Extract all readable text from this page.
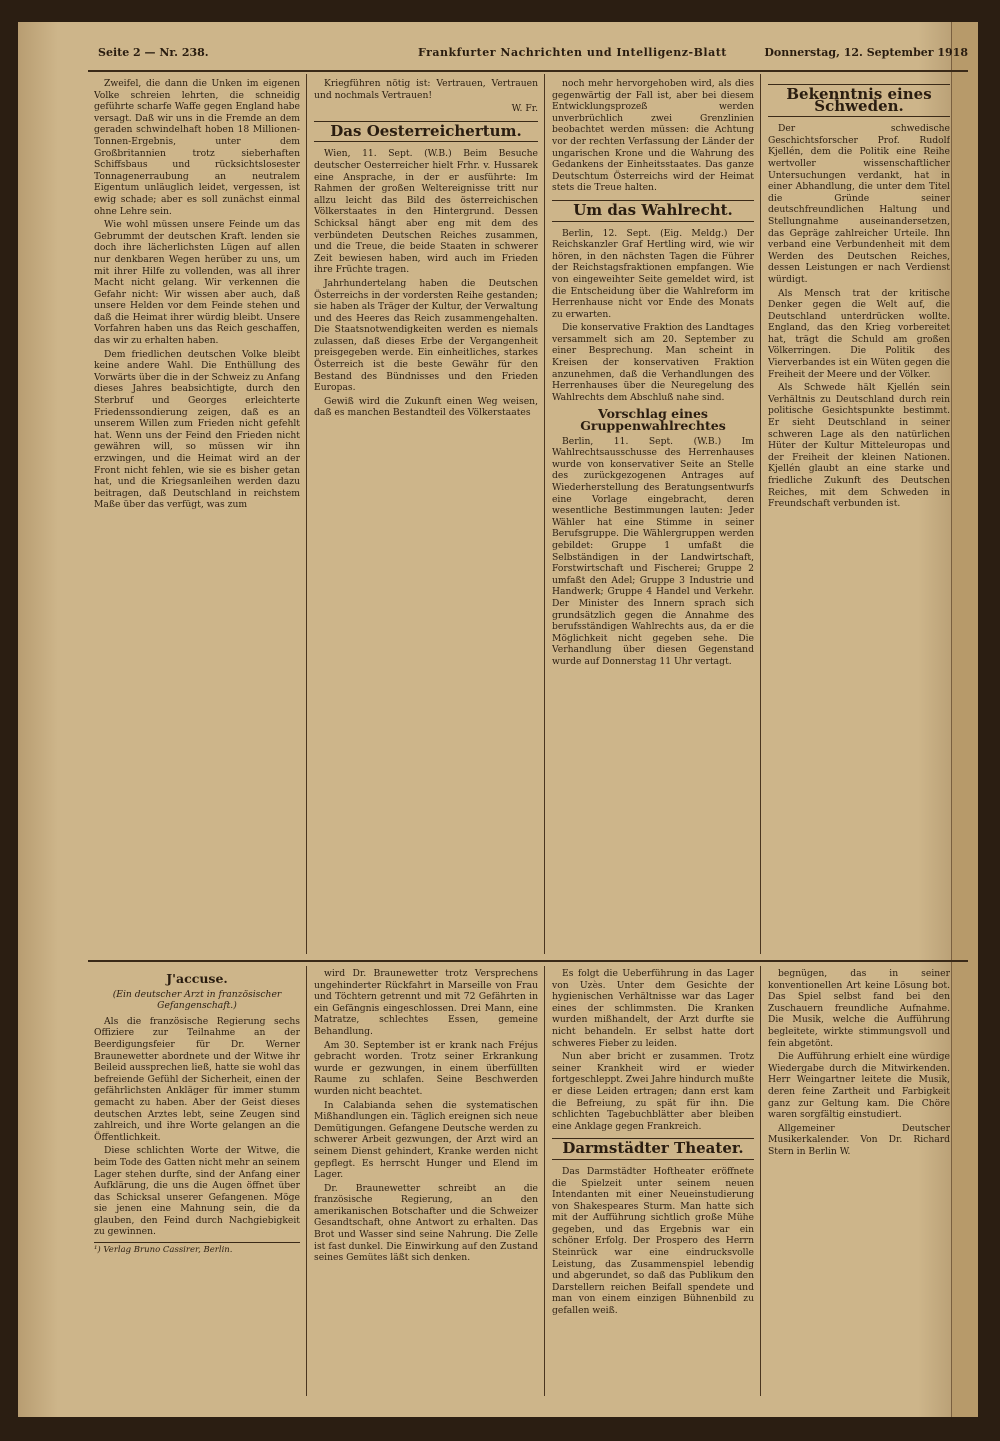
Seite 2 — Nr. 238.	Frankfurter Nachrichten und Intelligenz-Blatt	Donnerstag, 12. September 1918

Zweifel, die dann die Unken im eigenen Volke schreien lehrten, die schneidig geführte scharfe Waffe gegen England habe versagt. Daß wir uns in die Fremde an dem geraden schwindelhaft hoben 18 Millionen-Tonnen-Ergebnis, unter dem Großbritannien trotz sieberhaften Schiffsbaus und rücksichtslosester Tonnagenerraubung an neutralem Eigentum unläuglich leidet, vergessen, ist ewig schade; aber es soll zunächst einmal ohne Lehre sein.

Wie wohl müssen unsere Feinde um das Gebrummt der deutschen Kraft. lenden sie doch ihre lächerlichsten Lügen auf allen nur denkbaren Wegen herüber zu uns, um mit ihrer Hilfe zu vollenden, was all ihrer Macht nicht gelang. Wir verkennen die Gefahr nicht: Wir wissen aber auch, daß unsere Helden vor dem Feinde stehen und daß die Heimat ihrer würdig bleibt. Unsere Vorfahren haben uns das Reich geschaffen, das wir zu erhalten haben.

Dem friedlichen deutschen Volke bleibt keine andere Wahl. Die Enthüllung des Vorwärts über die in der Schweiz zu Anfang dieses Jahres beabsichtigte, durch den Sterbruf und Georges erleichterte Friedenssondierung zeigen, daß es an unserem Willen zum Frieden nicht gefehlt hat. Wenn uns der Feind den Frieden nicht gewähren will, so müssen wir ihn erzwingen, und die Heimat wird an der Front nicht fehlen, wie sie es bisher getan hat, und die Kriegsanleihen werden dazu beitragen, daß Deutschland in reichstem Maße über das verfügt, was zum

Kriegführen nötig ist: Vertrauen, Vertrauen und nochmals Vertrauen!

W. Fr.
Das Oesterreichertum.

Wien, 11. Sept. (W.B.) Beim Besuche deutscher Oesterreicher hielt Frhr. v. Hussarek eine Ansprache, in der er ausführte: Im Rahmen der großen Weltereignisse tritt nur allzu leicht das Bild des österreichischen Völkerstaates in den Hintergrund. Dessen Schicksal hängt aber eng mit dem des verbündeten Deutschen Reiches zusammen, und die Treue, die beide Staaten in schwerer Zeit bewiesen haben, wird auch im Frieden ihre Früchte tragen.

Jahrhundertelang haben die Deutschen Österreichs in der vordersten Reihe gestanden; sie haben als Träger der Kultur, der Verwaltung und des Heeres das Reich zusammengehalten. Die Staatsnotwendigkeiten werden es niemals zulassen, daß dieses Erbe der Vergangenheit preisgegeben werde. Ein einheitliches, starkes Österreich ist die beste Gewähr für den Bestand des Bündnisses und den Frieden Europas.

Gewiß wird die Zukunft einen Weg weisen, daß es manchen Bestandteil des Völkerstaates

noch mehr hervorgehoben wird, als dies gegenwärtig der Fall ist, aber bei diesem Entwicklungsprozeß werden unverbrüchlich zwei Grenzlinien beobachtet werden müssen: die Achtung vor der rechten Verfassung der Länder der ungarischen Krone und die Wahrung des Gedankens der Einheitsstaates. Das ganze Deutschtum Österreichs wird der Heimat stets die Treue halten.

Um das Wahlrecht.

Berlin, 12. Sept. (Eig. Meldg.) Der Reichskanzler Graf Hertling wird, wie wir hören, in den nächsten Tagen die Führer der Reichstagsfraktionen empfangen. Wie von eingeweihter Seite gemeldet wird, ist die Entscheidung über die Wahlreform im Herrenhause nicht vor Ende des Monats zu erwarten.

Die konservative Fraktion des Landtages versammelt sich am 20. September zu einer Besprechung. Man scheint in Kreisen der konservativen Fraktion anzunehmen, daß die Verhandlungen des Herrenhauses über die Neuregelung des Wahlrechts dem Abschluß nahe sind.

Vorschlag eines Gruppenwahlrechtes

Berlin, 11. Sept. (W.B.) Im Wahlrechtsausschusse des Herrenhauses wurde von konservativer Seite an Stelle des zurückgezogenen Antrages auf Wiederherstellung des Beratungsentwurfs eine Vorlage eingebracht, deren wesentliche Bestimmungen lauten: Jeder Wähler hat eine Stimme in seiner Berufsgruppe. Die Wählergruppen werden gebildet: Gruppe 1 umfaßt die Selbständigen in der Landwirtschaft, Forstwirtschaft und Fischerei; Gruppe 2 umfaßt den Adel; Gruppe 3 Industrie und Handwerk; Gruppe 4 Handel und Verkehr. Der Minister des Innern sprach sich grundsätzlich gegen die Annahme des berufsständigen Wahlrechts aus, da er die Möglichkeit nicht gegeben sehe. Die Verhandlung über diesen Gegenstand wurde auf Donnerstag 11 Uhr vertagt.

Bekenntnis eines Schweden.

Der schwedische Geschichtsforscher Prof. Rudolf Kjellén, dem die Politik eine Reihe wertvoller wissenschaftlicher Untersuchungen verdankt, hat in einer Abhandlung, die unter dem Titel die Gründe seiner deutschfreundlichen Haltung und Stellungnahme auseinandersetzen, das Gepräge zahlreicher Urteile. Ihn verband eine Verbundenheit mit dem Werden des Deutschen Reiches, dessen Leistungen er nach Verdienst würdigt.

Als Mensch trat der kritische Denker gegen die Welt auf, die Deutschland unterdrücken wollte. England, das den Krieg vorbereitet hat, trägt die Schuld am großen Völkerringen. Die Politik des Vierverbandes ist ein Wüten gegen die Freiheit der Meere und der Völker.

Als Schwede hält Kjellén sein Verhältnis zu Deutschland durch rein politische Gesichtspunkte bestimmt. Er sieht Deutschland in seiner schweren Lage als den natürlichen Hüter der Kultur Mitteleuropas und der Freiheit der kleinen Nationen. Kjellén glaubt an eine starke und friedliche Zukunft des Deutschen Reiches, mit dem Schweden in Freundschaft verbunden ist.

J'accuse.
(Ein deutscher Arzt in französischer Gefangenschaft.)

Als die französische Regierung sechs Offiziere zur Teilnahme an der Beerdigungsfeier für Dr. Werner Braunewetter abordnete und der Witwe ihr Beileid aussprechen ließ, hatte sie wohl das befreiende Gefühl der Sicherheit, einen der gefährlichsten Ankläger für immer stumm gemacht zu haben. Aber der Geist dieses deutschen Arztes lebt, seine Zeugen sind zahlreich, und ihre Worte gelangen an die Öffentlichkeit.

Diese schlichten Worte der Witwe, die beim Tode des Gatten nicht mehr an seinem Lager stehen durfte, sind der Anfang einer Aufklärung, die uns die Augen öffnet über das Schicksal unserer Gefangenen. Möge sie jenen eine Mahnung sein, die da glauben, den Feind durch Nachgiebigkeit zu gewinnen.

¹) Verlag Bruno Cassirer, Berlin.

wird Dr. Braunewetter trotz Versprechens ungehinderter Rückfahrt in Marseille von Frau und Töchtern getrennt und mit 72 Gefährten in ein Gefängnis eingeschlossen. Drei Mann, eine Matratze, schlechtes Essen, gemeine Behandlung.

Am 30. September ist er krank nach Fréjus gebracht worden. Trotz seiner Erkrankung wurde er gezwungen, in einem überfüllten Raume zu schlafen. Seine Beschwerden wurden nicht beachtet.

In Calabianda sehen die systematischen Mißhandlungen ein. Täglich ereignen sich neue Demütigungen. Gefangene Deutsche werden zu schwerer Arbeit gezwungen, der Arzt wird an seinem Dienst gehindert, Kranke werden nicht gepflegt. Es herrscht Hunger und Elend im Lager.

Dr. Braunewetter schreibt an die französische Regierung, an den amerikanischen Botschafter und die Schweizer Gesandtschaft, ohne Antwort zu erhalten. Das Brot und Wasser sind seine Nahrung. Die Zelle ist fast dunkel. Die Einwirkung auf den Zustand seines Gemütes läßt sich denken.

Es folgt die Ueberführung in das Lager von Uzès. Unter dem Gesichte der hygienischen Verhältnisse war das Lager eines der schlimmsten. Die Kranken wurden mißhandelt, der Arzt durfte sie nicht behandeln. Er selbst hatte dort schweres Fieber zu leiden.

Nun aber bricht er zusammen. Trotz seiner Krankheit wird er wieder fortgeschleppt. Zwei Jahre hindurch mußte er diese Leiden ertragen; dann erst kam die Befreiung, zu spät für ihn. Die schlichten Tagebuchblätter aber bleiben eine Anklage gegen Frankreich.

Darmstädter Theater.

Das Darmstädter Hoftheater eröffnete die Spielzeit unter seinem neuen Intendanten mit einer Neueinstudierung von Shakespeares Sturm. Man hatte sich mit der Aufführung sichtlich große Mühe gegeben, und das Ergebnis war ein schöner Erfolg. Der Prospero des Herrn Steinrück war eine eindrucksvolle Leistung, das Zusammenspiel lebendig und abgerundet, so daß das Publikum den Darstellern reichen Beifall spendete und man von einem einzigen Bühnenbild zu gefallen weiß.

begnügen, das in seiner konventionellen Art keine Lösung bot. Das Spiel selbst fand bei den Zuschauern freundliche Aufnahme. Die Musik, welche die Aufführung begleitete, wirkte stimmungsvoll und fein abgetönt.

Die Aufführung erhielt eine würdige Wiedergabe durch die Mitwirkenden. Herr Weingartner leitete die Musik, deren feine Zartheit und Farbigkeit ganz zur Geltung kam. Die Chöre waren sorgfältig einstudiert.

Allgemeiner Deutscher Musikerkalender. Von Dr. Richard Stern in Berlin W.
